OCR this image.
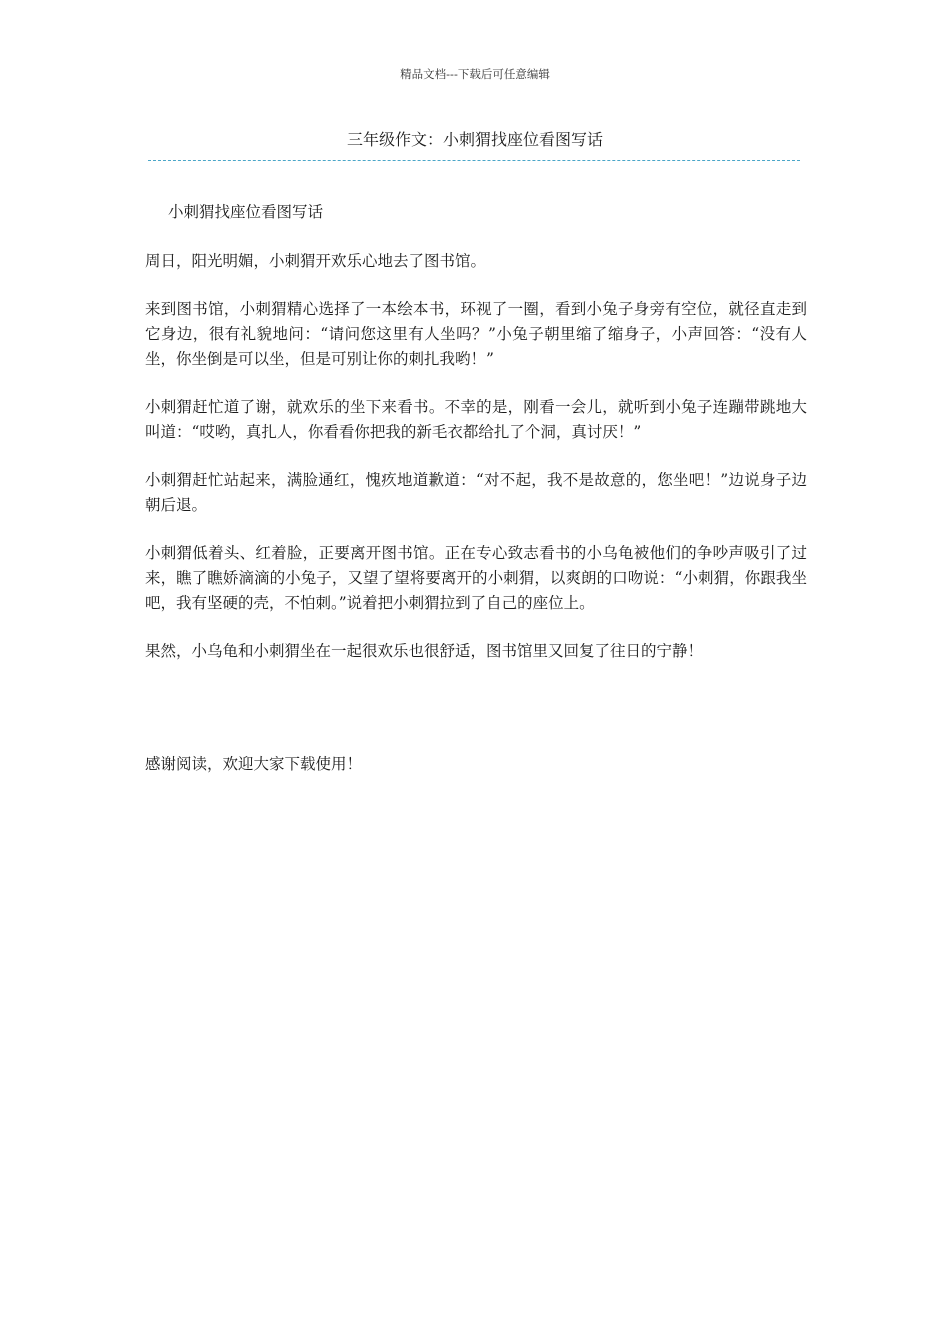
精品文档---下载后可任意编辑
三年级作文：小刺猬找座位看图写话

小刺猬找座位看图写话

周日，阳光明媚，小刺猬开欢乐心地去了图书馆。

来到图书馆，小刺猬精心选择了一本绘本书，环视了一圈，看到小兔子身旁有空位，就径直走到它身边，很有礼貌地问：“请问您这里有人坐吗？”小兔子朝里缩了缩身子，小声回答：“没有人坐，你坐倒是可以坐，但是可别让你的刺扎我哟！”

小刺猬赶忙道了谢，就欢乐的坐下来看书。不幸的是，刚看一会儿，就听到小兔子连蹦带跳地大叫道：“哎哟，真扎人，你看看你把我的新毛衣都给扎了个洞，真讨厌！”

小刺猬赶忙站起来，满脸通红，愧疚地道歉道：“对不起，我不是故意的，您坐吧！”边说身子边朝后退。

小刺猬低着头、红着脸，正要离开图书馆。正在专心致志看书的小乌龟被他们的争吵声吸引了过来，瞧了瞧娇滴滴的小兔子，又望了望将要离开的小刺猬，以爽朗的口吻说：“小刺猬，你跟我坐吧，我有坚硬的壳，不怕刺。”说着把小刺猬拉到了自己的座位上。

果然，小乌龟和小刺猬坐在一起很欢乐也很舒适，图书馆里又回复了往日的宁静！

感谢阅读，欢迎大家下载使用！
